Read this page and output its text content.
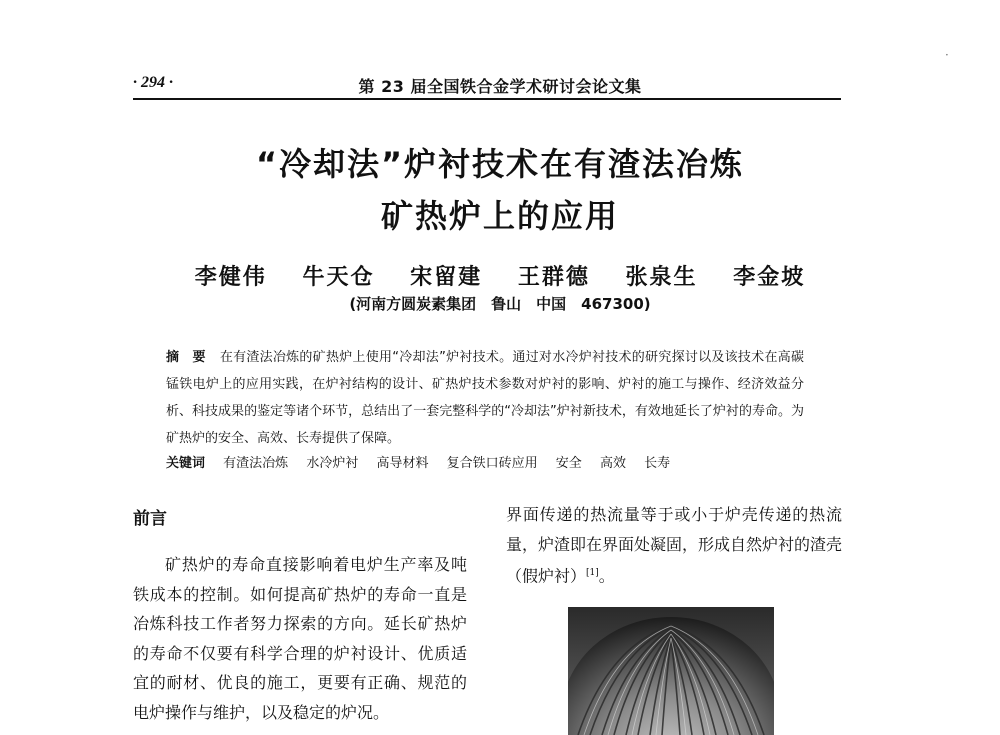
·
· 294 ·	第 23 届全国铁合金学术研讨会论文集
“冷却法”炉衬技术在有渣法冶炼
矿热炉上的应用
李健伟 牛天仓 宋留建 王群德 张泉生 李金坡
(河南方圆炭素集团　鲁山　中国　467300)
摘　要 在有渣法冶炼的矿热炉上使用“冷却法”炉衬技术。通过对水冷炉衬技术的研究探讨以及该技术在高碳锰铁电炉上的应用实践，在炉衬结构的设计、矿热炉技术参数对炉衬的影响、炉衬的施工与操作、经济效益分析、科技成果的鉴定等诸个环节，总结出了一套完整科学的“冷却法”炉衬新技术，有效地延长了炉衬的寿命。为矿热炉的安全、高效、长寿提供了保障。
关键词 有渣法冶炼 水冷炉衬 高导材料 复合铁口砖应用 安全 高效 长寿
前言
矿热炉的寿命直接影响着电炉生产率及吨铁成本的控制。如何提高矿热炉的寿命一直是冶炼科技工作者努力探索的方向。延长矿热炉的寿命不仅要有科学合理的炉衬设计、优质适宜的耐材、优良的施工，更要有正确、规范的电炉操作与维护，以及稳定的炉况。
界面传递的热流量等于或小于炉壳传递的热流量，炉渣即在界面处凝固，形成自然炉衬的渣壳（假炉衬）[1]。
